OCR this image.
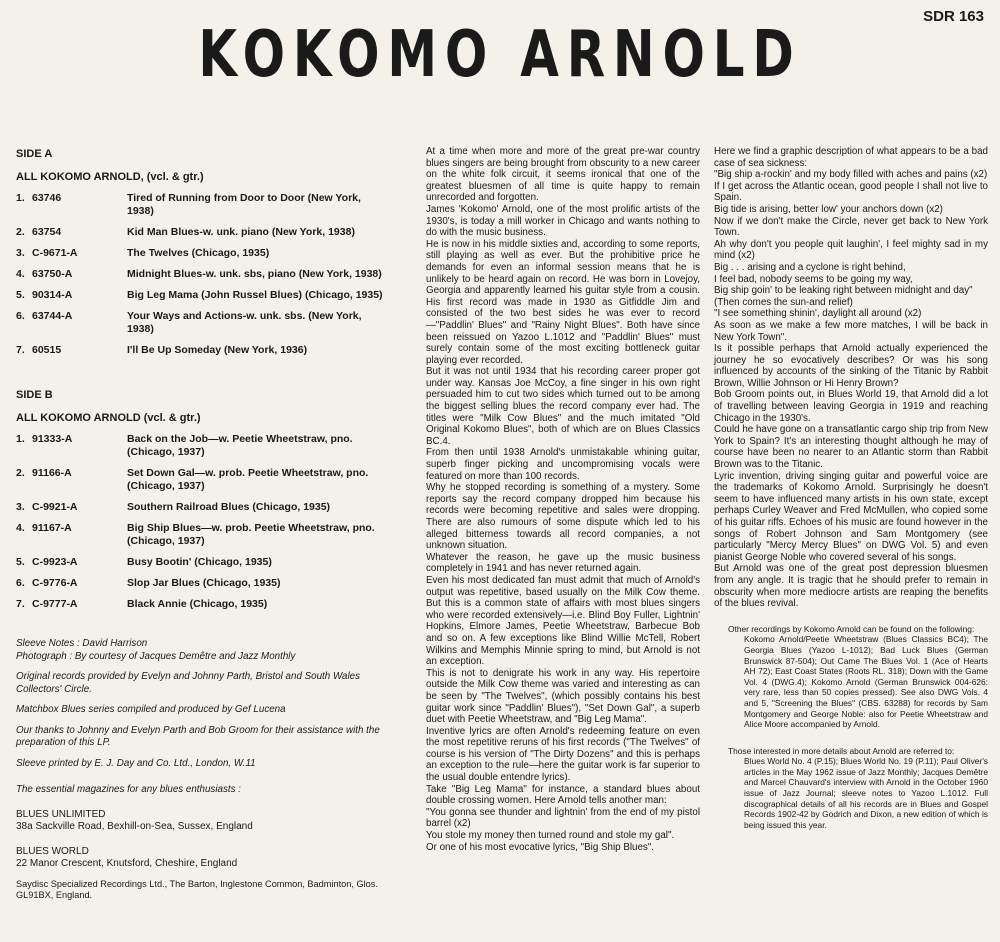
KOKOMO ARNOLD
SDR 163
SIDE A
ALL KOKOMO ARNOLD, (vcl. & gtr.)
1. 63746	Tired of Running from Door to Door (New York, 1938)
2. 63754	Kid Man Blues-w. unk. piano (New York, 1938)
3. C-9671-A	The Twelves (Chicago, 1935)
4. 63750-A	Midnight Blues-w. unk. sbs, piano (New York, 1938)
5. 90314-A	Big Leg Mama (John Russel Blues) (Chicago, 1935)
6. 63744-A	Your Ways and Actions-w. unk. sbs. (New York, 1938)
7. 60515	I'll Be Up Someday (New York, 1936)
SIDE B
ALL KOKOMO ARNOLD (vcl. & gtr.)
1. 91333-A	Back on the Job—w. Peetie Wheetstraw, pno. (Chicago, 1937)
2. 91166-A	Set Down Gal—w. prob. Peetie Wheetstraw, pno. (Chicago, 1937)
3. C-9921-A	Southern Railroad Blues (Chicago, 1935)
4. 91167-A	Big Ship Blues—w. prob. Peetie Wheetstraw, pno. (Chicago, 1937)
5. C-9923-A	Busy Bootin' (Chicago, 1935)
6. C-9776-A	Slop Jar Blues (Chicago, 1935)
7. C-9777-A	Black Annie (Chicago, 1935)

Sleeve Notes : David Harrison

Photograph : By courtesy of Jacques Demêtre and Jazz Monthly

Original records provided by Evelyn and Johnny Parth, Bristol and South Wales Collectors' Circle.

Matchbox Blues series compiled and produced by Gef Lucena

Our thanks to Johnny and Evelyn Parth and Bob Groom for their assistance with the preparation of this LP.

Sleeve printed by E. J. Day and Co. Ltd., London, W.11

The essential magazines for any blues enthusiasts :

BLUES UNLIMITED

38a Sackville Road, Bexhill-on-Sea, Sussex, England

BLUES WORLD

22 Manor Crescent, Knutsford, Cheshire, England

Saydisc Specialized Recordings Ltd., The Barton, Inglestone Common, Badminton, Glos. GL91BX, England.

At a time when more and more of the great pre-war country blues singers are being brought from obscurity to a new career on the white folk circuit, it seems ironical that one of the greatest bluesmen of all time is quite happy to remain unrecorded and forgotten.

James 'Kokomo' Arnold, one of the most prolific artists of the 1930's, is today a mill worker in Chicago and wants nothing to do with the music business.

He is now in his middle sixties and, according to some reports, still playing as well as ever. But the prohibitive price he demands for even an informal session means that he is unlikely to be heard again on record. He was born in Lovejoy, Georgia and apparently learned his guitar style from a cousin. His first record was made in 1930 as Gitfiddle Jim and consisted of the two best sides he was ever to record—"Paddlin' Blues" and "Rainy Night Blues". Both have since been reissued on Yazoo L.1012 and "Paddlin' Blues" must surely contain some of the most exciting bottleneck guitar playing ever recorded.

But it was not until 1934 that his recording career proper got under way. Kansas Joe McCoy, a fine singer in his own right persuaded him to cut two sides which turned out to be among the biggest selling blues the record company ever had. The titles were "Milk Cow Blues" and the much imitated "Old Original Kokomo Blues", both of which are on Blues Classics BC.4.

From then until 1938 Arnold's unmistakable whining guitar, superb finger picking and uncompromising vocals were featured on more than 100 records.

Why he stopped recording is something of a mystery. Some reports say the record company dropped him because his records were becoming repetitive and sales were dropping. There are also rumours of some dispute which led to his alleged bitterness towards all record companies, a not unknown situation.

Whatever the reason, he gave up the music business completely in 1941 and has never returned again.

Even his most dedicated fan must admit that much of Arnold's output was repetitive, based usually on the Milk Cow theme. But this is a common state of affairs with most blues singers who were recorded extensively—i.e. Blind Boy Fuller, Lightnin' Hopkins, Elmore James, Peetie Wheetstraw, Barbecue Bob and so on. A few exceptions like Blind Willie McTell, Robert Wilkins and Memphis Minnie spring to mind, but Arnold is not an exception.

This is not to denigrate his work in any way. His repertoire outside the Milk Cow theme was varied and interesting as can be seen by "The Twelves", (which possibly contains his best guitar work since "Paddlin' Blues"), "Set Down Gal", a superb duet with Peetie Wheetstraw, and "Big Leg Mama".

Inventive lyrics are often Arnold's redeeming feature on even the most repetitive reruns of his first records ("The Twelves" of course is his version of "The Dirty Dozens" and this is perhaps an exception to the rule—here the guitar work is far superior to the usual double entendre lyrics).

Take "Big Leg Mama" for instance, a standard blues about double crossing women. Here Arnold tells another man:

"You gonna see thunder and lightnin' from the end of my pistol barrel (x2)

You stole my money then turned round and stole my gal".

Or one of his most evocative lyrics, "Big Ship Blues".

Here we find a graphic description of what appears to be a bad case of sea sickness:

"Big ship a-rockin' and my body filled with aches and pains (x2)

If I get across the Atlantic ocean, good people I shall not live to Spain.

Big tide is arising, better low' your anchors down (x2)

Now if we don't make the Circle, never get back to New York Town.

Ah why don't you people quit laughin', I feel mighty sad in my mind (x2)

Big . . . arising and a cyclone is right behind,

I feel bad, nobody seems to be going my way,

Big ship goin' to be leaking right between midnight and day"

(Then comes the sun-and relief)

"I see something shinin', daylight all around (x2)

As soon as we make a few more matches, I will be back in New York Town".

Is it possible perhaps that Arnold actually experienced the journey he so evocatively describes? Or was his song influenced by accounts of the sinking of the Titanic by Rabbit Brown, Willie Johnson or Hi Henry Brown?

Bob Groom points out, in Blues World 19, that Arnold did a lot of travelling between leaving Georgia in 1919 and reaching Chicago in the 1930's.

Could he have gone on a transatlantic cargo ship trip from New York to Spain? It's an interesting thought although he may of course have been no nearer to an Atlantic storm than Rabbit Brown was to the Titanic.

Lyric invention, driving singing guitar and powerful voice are the trademarks of Kokomo Arnold. Surprisingly he doesn't seem to have influenced many artists in his own state, except perhaps Curley Weaver and Fred McMullen, who copied some of his guitar riffs. Echoes of his music are found however in the songs of Robert Johnson and Sam Montgomery (see particularly "Mercy Mercy Blues" on DWG Vol. 5) and even pianist George Noble who covered several of his songs.

But Arnold was one of the great post depression bluesmen from any angle. It is tragic that he should prefer to remain in obscurity when more mediocre artists are reaping the benefits of the blues revival.

Other recordings by Kokomo Arnold can be found on the following:
Kokomo Arnold/Peetie Wheetstraw (Blues Classics BC4); The Georgia Blues (Yazoo L-1012); Bad Luck Blues (German Brunswick 87-504); Out Came The Blues Vol. 1 (Ace of Hearts AH 72); East Coast States (Roots RL. 318); Down with the Game Vol. 4 (DWG.4); Kokomo Arnold (German Brunswick 004-626: very rare, less than 50 copies pressed). See also DWG Vols. 4 and 5, "Screening the Blues" (CBS. 63288) for records by Sam Montgomery and George Noble: also for Peetie Wheetstraw and Alice Moore accompanied by Arnold.
Those interested in more details about Arnold are referred to:
Blues World No. 4 (P.15); Blues World No. 19 (P.11); Paul Oliver's articles in the May 1962 issue of Jazz Monthly; Jacques Demêtre and Marcel Chauvard's interview with Arnold in the October 1960 issue of Jazz Journal; sleeve notes to Yazoo L.1012. Full discographical details of all his records are in Blues and Gospel Records 1902-42 by Godrich and Dixon, a new edition of which is being issued this year.
